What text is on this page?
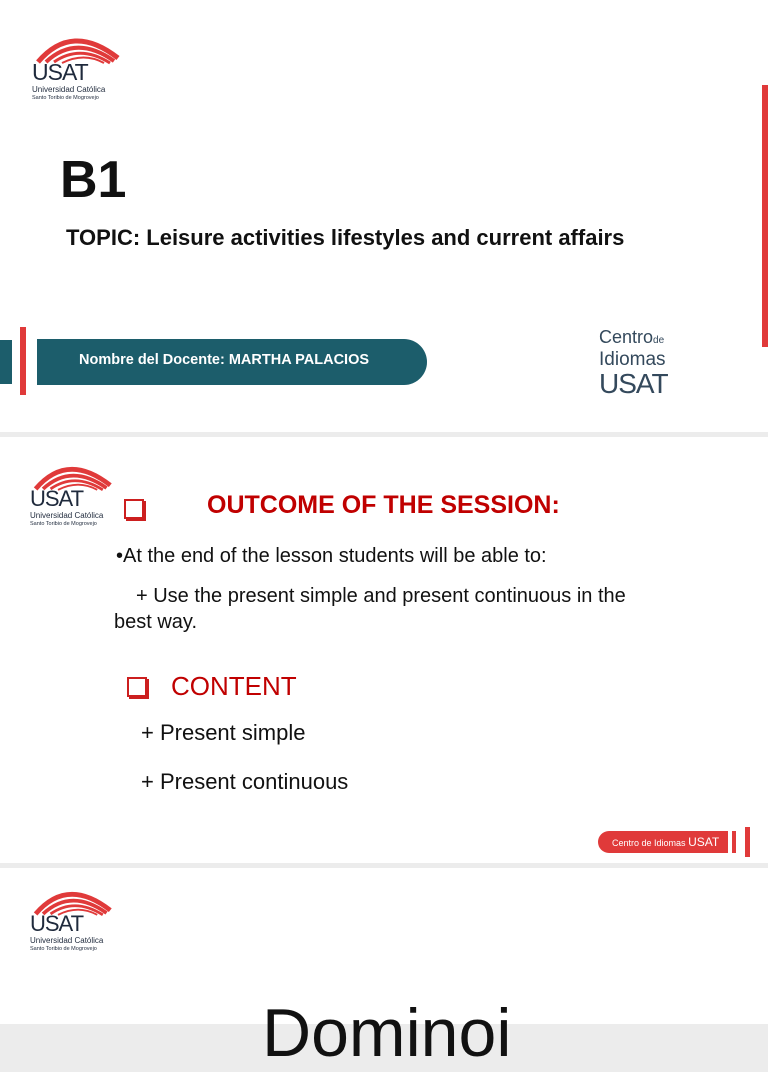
USAT
Universidad Católica
Santo Toribio de Mogrovejo
B1
TOPIC: Leisure activities lifestyles and current affairs
Nombre del Docente: MARTHA PALACIOS
Centrode
Idiomas
USAT
USAT
Universidad Católica
Santo Toribio de Mogrovejo
OUTCOME OF THE SESSION:
•At the end of the lesson students will be able to:
+ Use the present simple and present continuous in the
best way.
CONTENT
+ Present simple
+ Present continuous
Centro de Idiomas USAT
USAT
Universidad Católica
Santo Toribio de Mogrovejo
Dominoi
